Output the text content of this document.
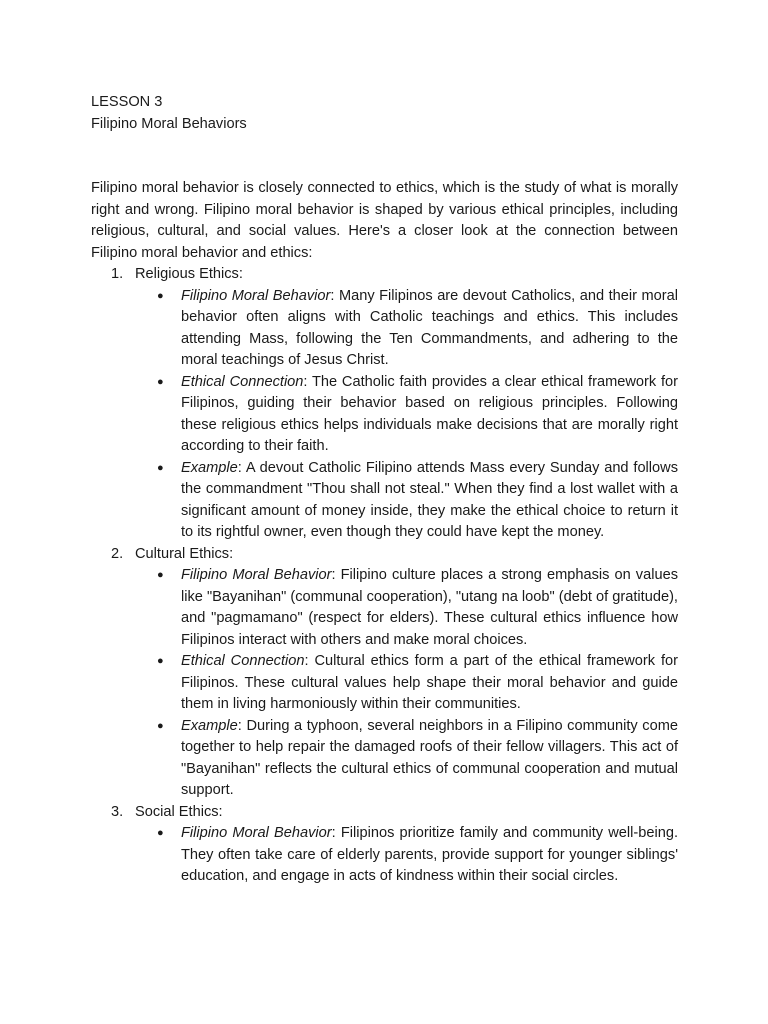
LESSON 3
Filipino Moral Behaviors

Filipino moral behavior is closely connected to ethics, which is the study of what is morally right and wrong. Filipino moral behavior is shaped by various ethical principles, including religious, cultural, and social values. Here's a closer look at the connection between Filipino moral behavior and ethics:

1. Religious Ethics:
● Filipino Moral Behavior: Many Filipinos are devout Catholics, and their moral behavior often aligns with Catholic teachings and ethics. This includes attending Mass, following the Ten Commandments, and adhering to the moral teachings of Jesus Christ.
● Ethical Connection: The Catholic faith provides a clear ethical framework for Filipinos, guiding their behavior based on religious principles. Following these religious ethics helps individuals make decisions that are morally right according to their faith.
● Example: A devout Catholic Filipino attends Mass every Sunday and follows the commandment "Thou shall not steal." When they find a lost wallet with a significant amount of money inside, they make the ethical choice to return it to its rightful owner, even though they could have kept the money.
2. Cultural Ethics:
● Filipino Moral Behavior: Filipino culture places a strong emphasis on values like "Bayanihan" (communal cooperation), "utang na loob" (debt of gratitude), and "pagmamano" (respect for elders). These cultural ethics influence how Filipinos interact with others and make moral choices.
● Ethical Connection: Cultural ethics form a part of the ethical framework for Filipinos. These cultural values help shape their moral behavior and guide them in living harmoniously within their communities.
● Example: During a typhoon, several neighbors in a Filipino community come together to help repair the damaged roofs of their fellow villagers. This act of "Bayanihan" reflects the cultural ethics of communal cooperation and mutual support.
3. Social Ethics:
● Filipino Moral Behavior: Filipinos prioritize family and community well-being. They often take care of elderly parents, provide support for younger siblings' education, and engage in acts of kindness within their social circles.
